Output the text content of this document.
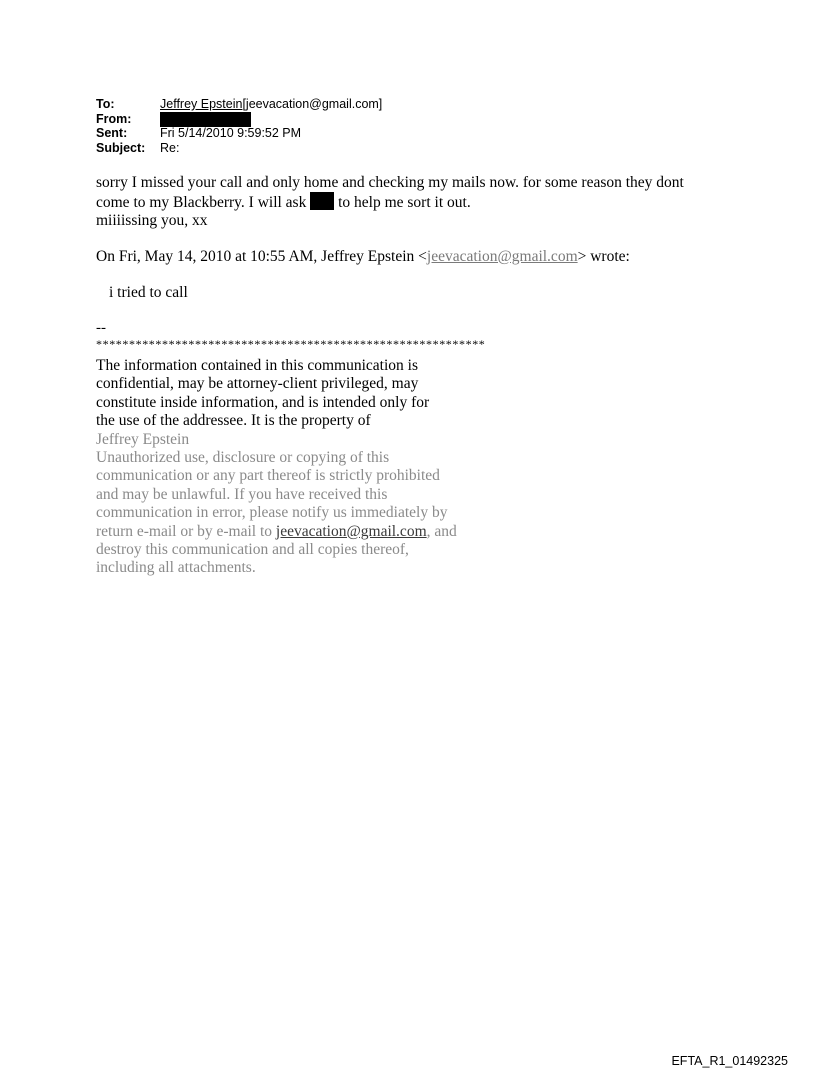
To:	Jeffrey Epstein[jeevacation@gmail.com]
From:
Sent:	Fri 5/14/2010 9:59:52 PM
Subject:	Re:

sorry I missed your call and only home and checking my mails now. for some reason they dont

come to my Blackberry. I will ask to help me sort it out.

miiiissing you, xx

On Fri, May 14, 2010 at 10:55 AM, Jeffrey Epstein <jeevacation@gmail.com> wrote:

i tried to call

--
***********************************************************
The information contained in this communication is
confidential, may be attorney-client privileged, may
constitute inside information, and is intended only for
the use of the addressee. It is the property of
Jeffrey Epstein
Unauthorized use, disclosure or copying of this
communication or any part thereof is strictly prohibited
and may be unlawful. If you have received this
communication in error, please notify us immediately by
return e-mail or by e-mail to jeevacation@gmail.com, and
destroy this communication and all copies thereof,
including all attachments.
EFTA_R1_01492325
